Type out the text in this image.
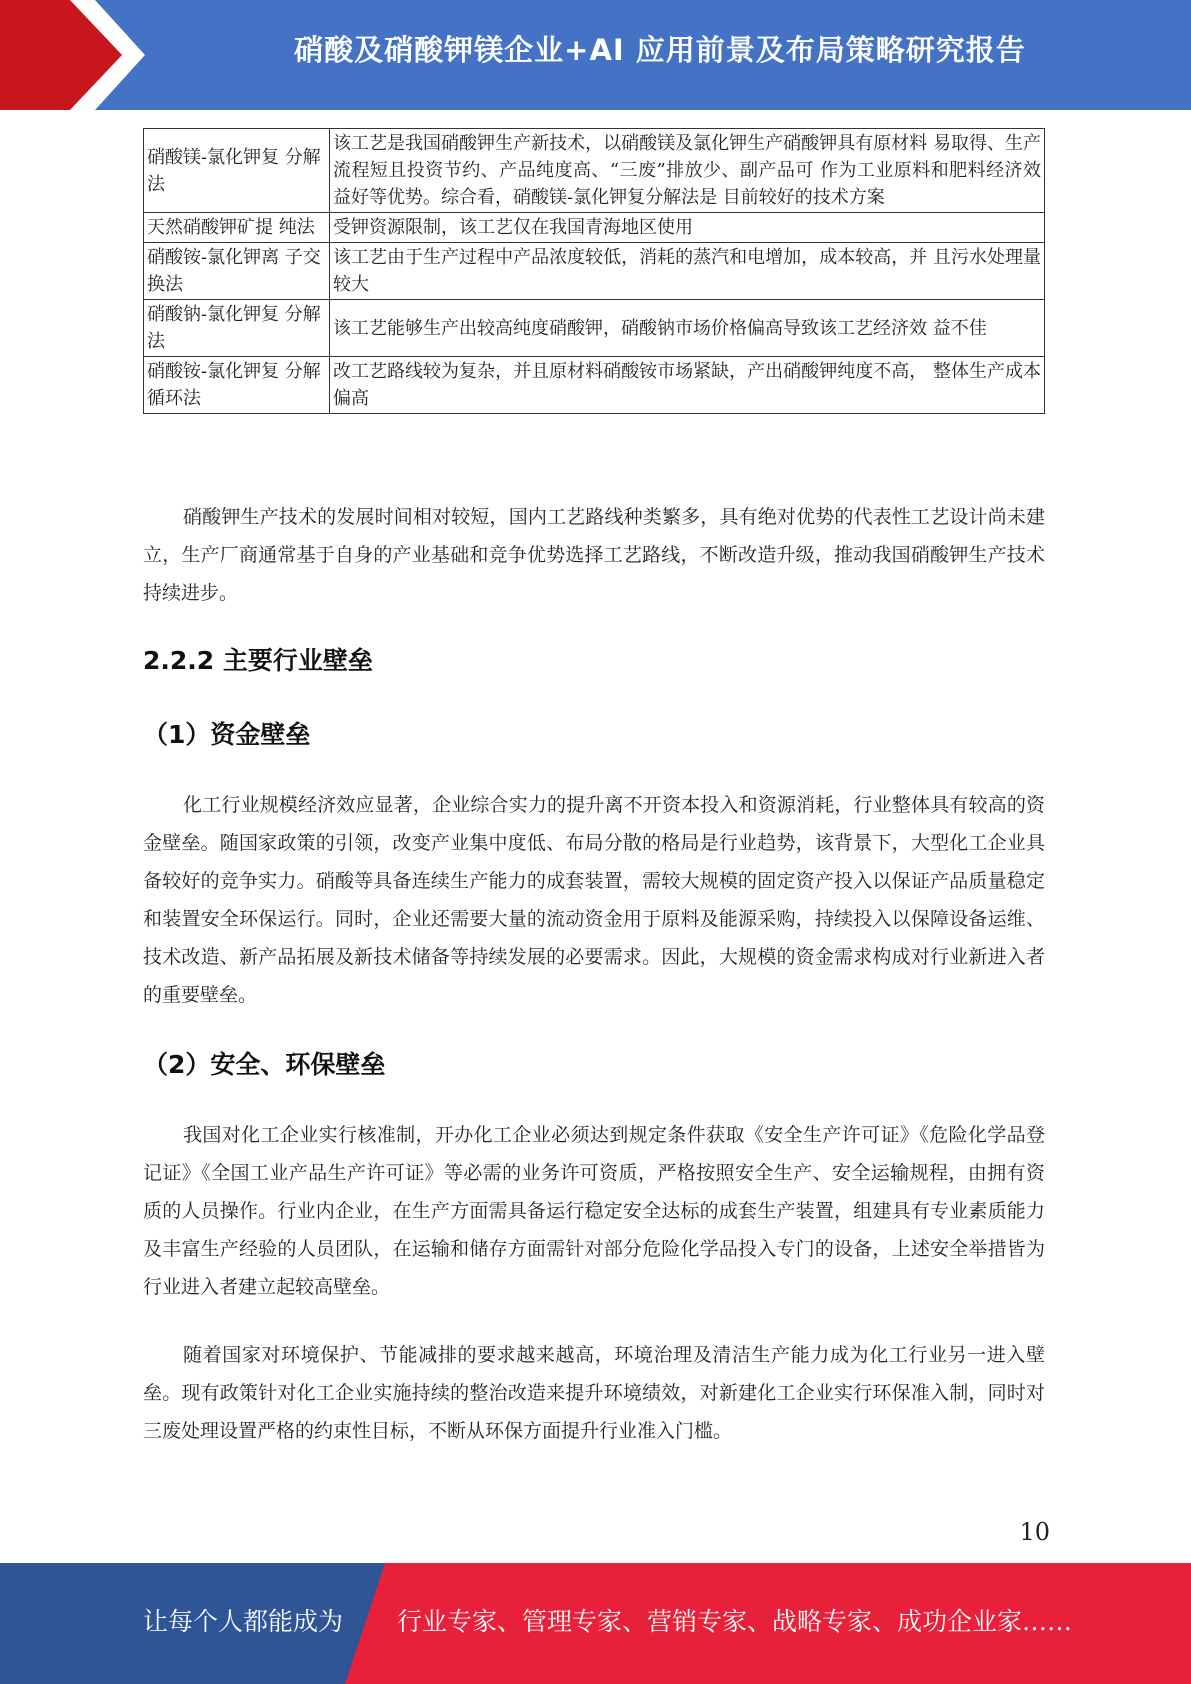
硝酸及硝酸钾镁企业+AI 应用前景及布局策略研究报告
硝酸镁-氯化钾复 分解法	该工艺是我国硝酸钾生产新技术，以硝酸镁及氯化钾生产硝酸钾具有原材料 易取得、生产流程短且投资节约、产品纯度高、“三废”排放少、副产品可 作为工业原料和肥料经济效益好等优势。综合看，硝酸镁-氯化钾复分解法是 目前较好的技术方案
天然硝酸钾矿提 纯法	受钾资源限制，该工艺仅在我国青海地区使用
硝酸铵-氯化钾离 子交换法	该工艺由于生产过程中产品浓度较低，消耗的蒸汽和电增加，成本较高，并 且污水处理量较大
硝酸钠-氯化钾复 分解法	该工艺能够生产出较高纯度硝酸钾，硝酸钠市场价格偏高导致该工艺经济效 益不佳
硝酸铵-氯化钾复 分解循环法	改工艺路线较为复杂，并且原材料硝酸铵市场紧缺，产出硝酸钾纯度不高， 整体生产成本偏高

硝酸钾生产技术的发展时间相对较短，国内工艺路线种类繁多，具有绝对优势的代表性工艺设计尚未建立，生产厂商通常基于自身的产业基础和竞争优势选择工艺路线，不断改造升级，推动我国硝酸钾生产技术持续进步。

2.2.2 主要行业壁垒
（1）资金壁垒

化工行业规模经济效应显著，企业综合实力的提升离不开资本投入和资源消耗，行业整体具有较高的资金壁垒。随国家政策的引领，改变产业集中度低、布局分散的格局是行业趋势，该背景下，大型化工企业具备较好的竞争实力。硝酸等具备连续生产能力的成套装置，需较大规模的固定资产投入以保证产品质量稳定和装置安全环保运行。同时，企业还需要大量的流动资金用于原料及能源采购，持续投入以保障设备运维、技术改造、新产品拓展及新技术储备等持续发展的必要需求。因此，大规模的资金需求构成对行业新进入者的重要壁垒。

（2）安全、环保壁垒

我国对化工企业实行核准制，开办化工企业必须达到规定条件获取《安全生产许可证》《危险化学品登记证》《全国工业产品生产许可证》等必需的业务许可资质，严格按照安全生产、安全运输规程，由拥有资质的人员操作。行业内企业，在生产方面需具备运行稳定安全达标的成套生产装置，组建具有专业素质能力及丰富生产经验的人员团队，在运输和储存方面需针对部分危险化学品投入专门的设备，上述安全举措皆为行业进入者建立起较高壁垒。

随着国家对环境保护、节能减排的要求越来越高，环境治理及清洁生产能力成为化工行业另一进入壁垒。现有政策针对化工企业实施持续的整治改造来提升环境绩效，对新建化工企业实行环保准入制，同时对三废处理设置严格的约束性目标，不断从环保方面提升行业准入门槛。

10
让每个人都能成为 行业专家、管理专家、营销专家、战略专家、成功企业家……
